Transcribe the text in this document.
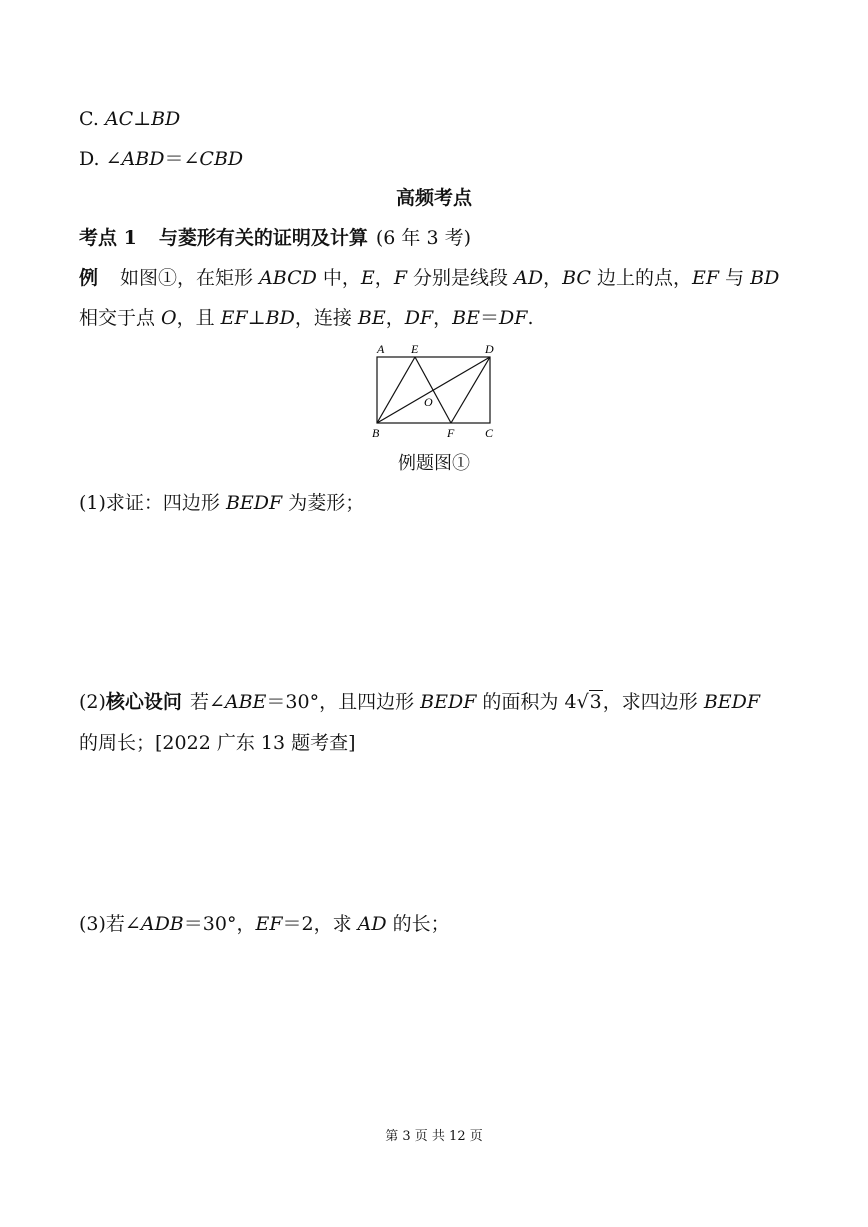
C. AC⊥BD
D. ∠ABD＝∠CBD
高频考点
考点 1 与菱形有关的证明及计算 (6 年 3 考)
例 如图①，在矩形 ABCD 中，E，F 分别是线段 AD，BC 边上的点，EF 与 BD
相交于点 O，且 EF⊥BD，连接 BE，DF，BE＝DF.
A E	D
O
B	F	C
例题图①
(1)求证：四边形 BEDF 为菱形；
(2)核心设问 若∠ABE＝30°，且四边形 BEDF 的面积为 4√3，求四边形 BEDF
的周长；[2022 广东 13 题考查]
(3)若∠ADB＝30°，EF＝2，求 AD 的长；
第 3 页 共 12 页
